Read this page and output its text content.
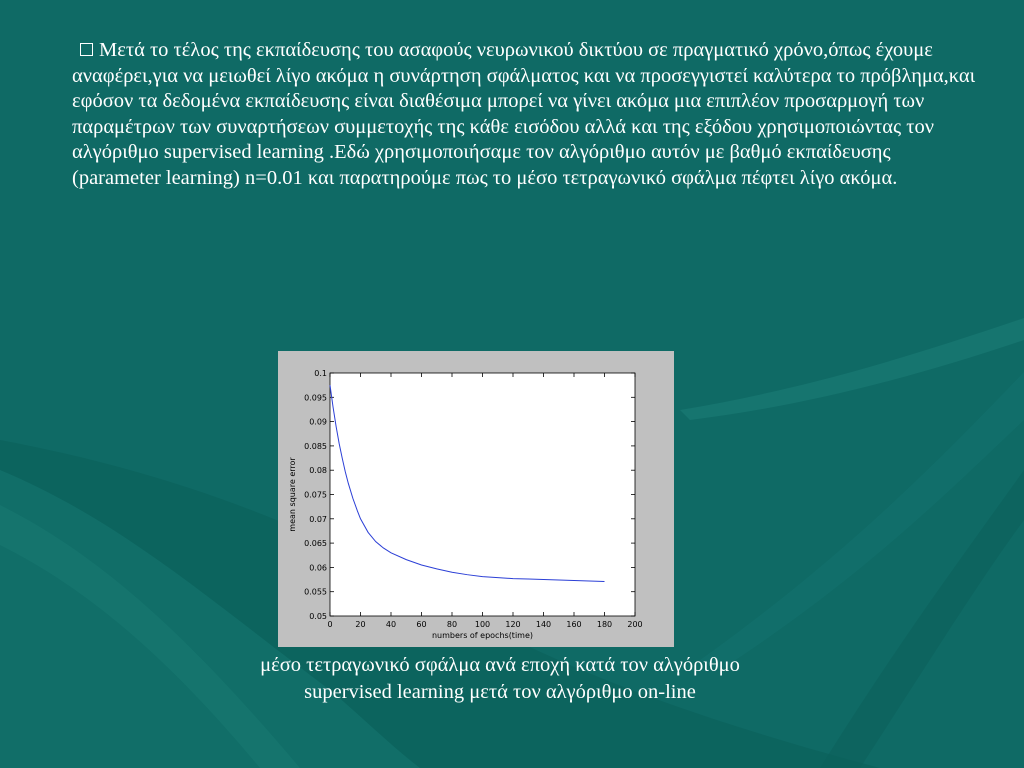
Μετά το τέλος της εκπαίδευσης του ασαφούς νευρωνικού δικτύου σε πραγματικό χρόνο,όπως έχουμε αναφέρει,για να μειωθεί λίγο ακόμα η συνάρτηση σφάλματος και να προσεγγιστεί καλύτερα το πρόβλημα,και εφόσον τα δεδομένα εκπαίδευσης είναι διαθέσιμα μπορεί να γίνει ακόμα μια επιπλέον προσαρμογή των παραμέτρων των συναρτήσεων συμμετοχής της κάθε εισόδου αλλά και της εξόδου χρησιμοποιώντας τον αλγόριθμο supervised learning .Εδώ χρησιμοποιήσαμε τον αλγόριθμο αυτόν με βαθμό εκπαίδευσης (parameter learning) n=0.01 και παρατηρούμε πως το μέσο τετραγωνικό σφάλμα πέφτει λίγο ακόμα.
0	20	40	60	80 100 120 140 160 180 200
0.05
0.055
0.06
0.065
0.07
0.075
0.08
0.085
0.09
0.095
0.1
numbers of epochs(time)
mean square error
μέσο τετραγωνικό σφάλμα ανά εποχή κατά τον αλγόριθμο supervised learning μετά τον αλγόριθμο on-line
